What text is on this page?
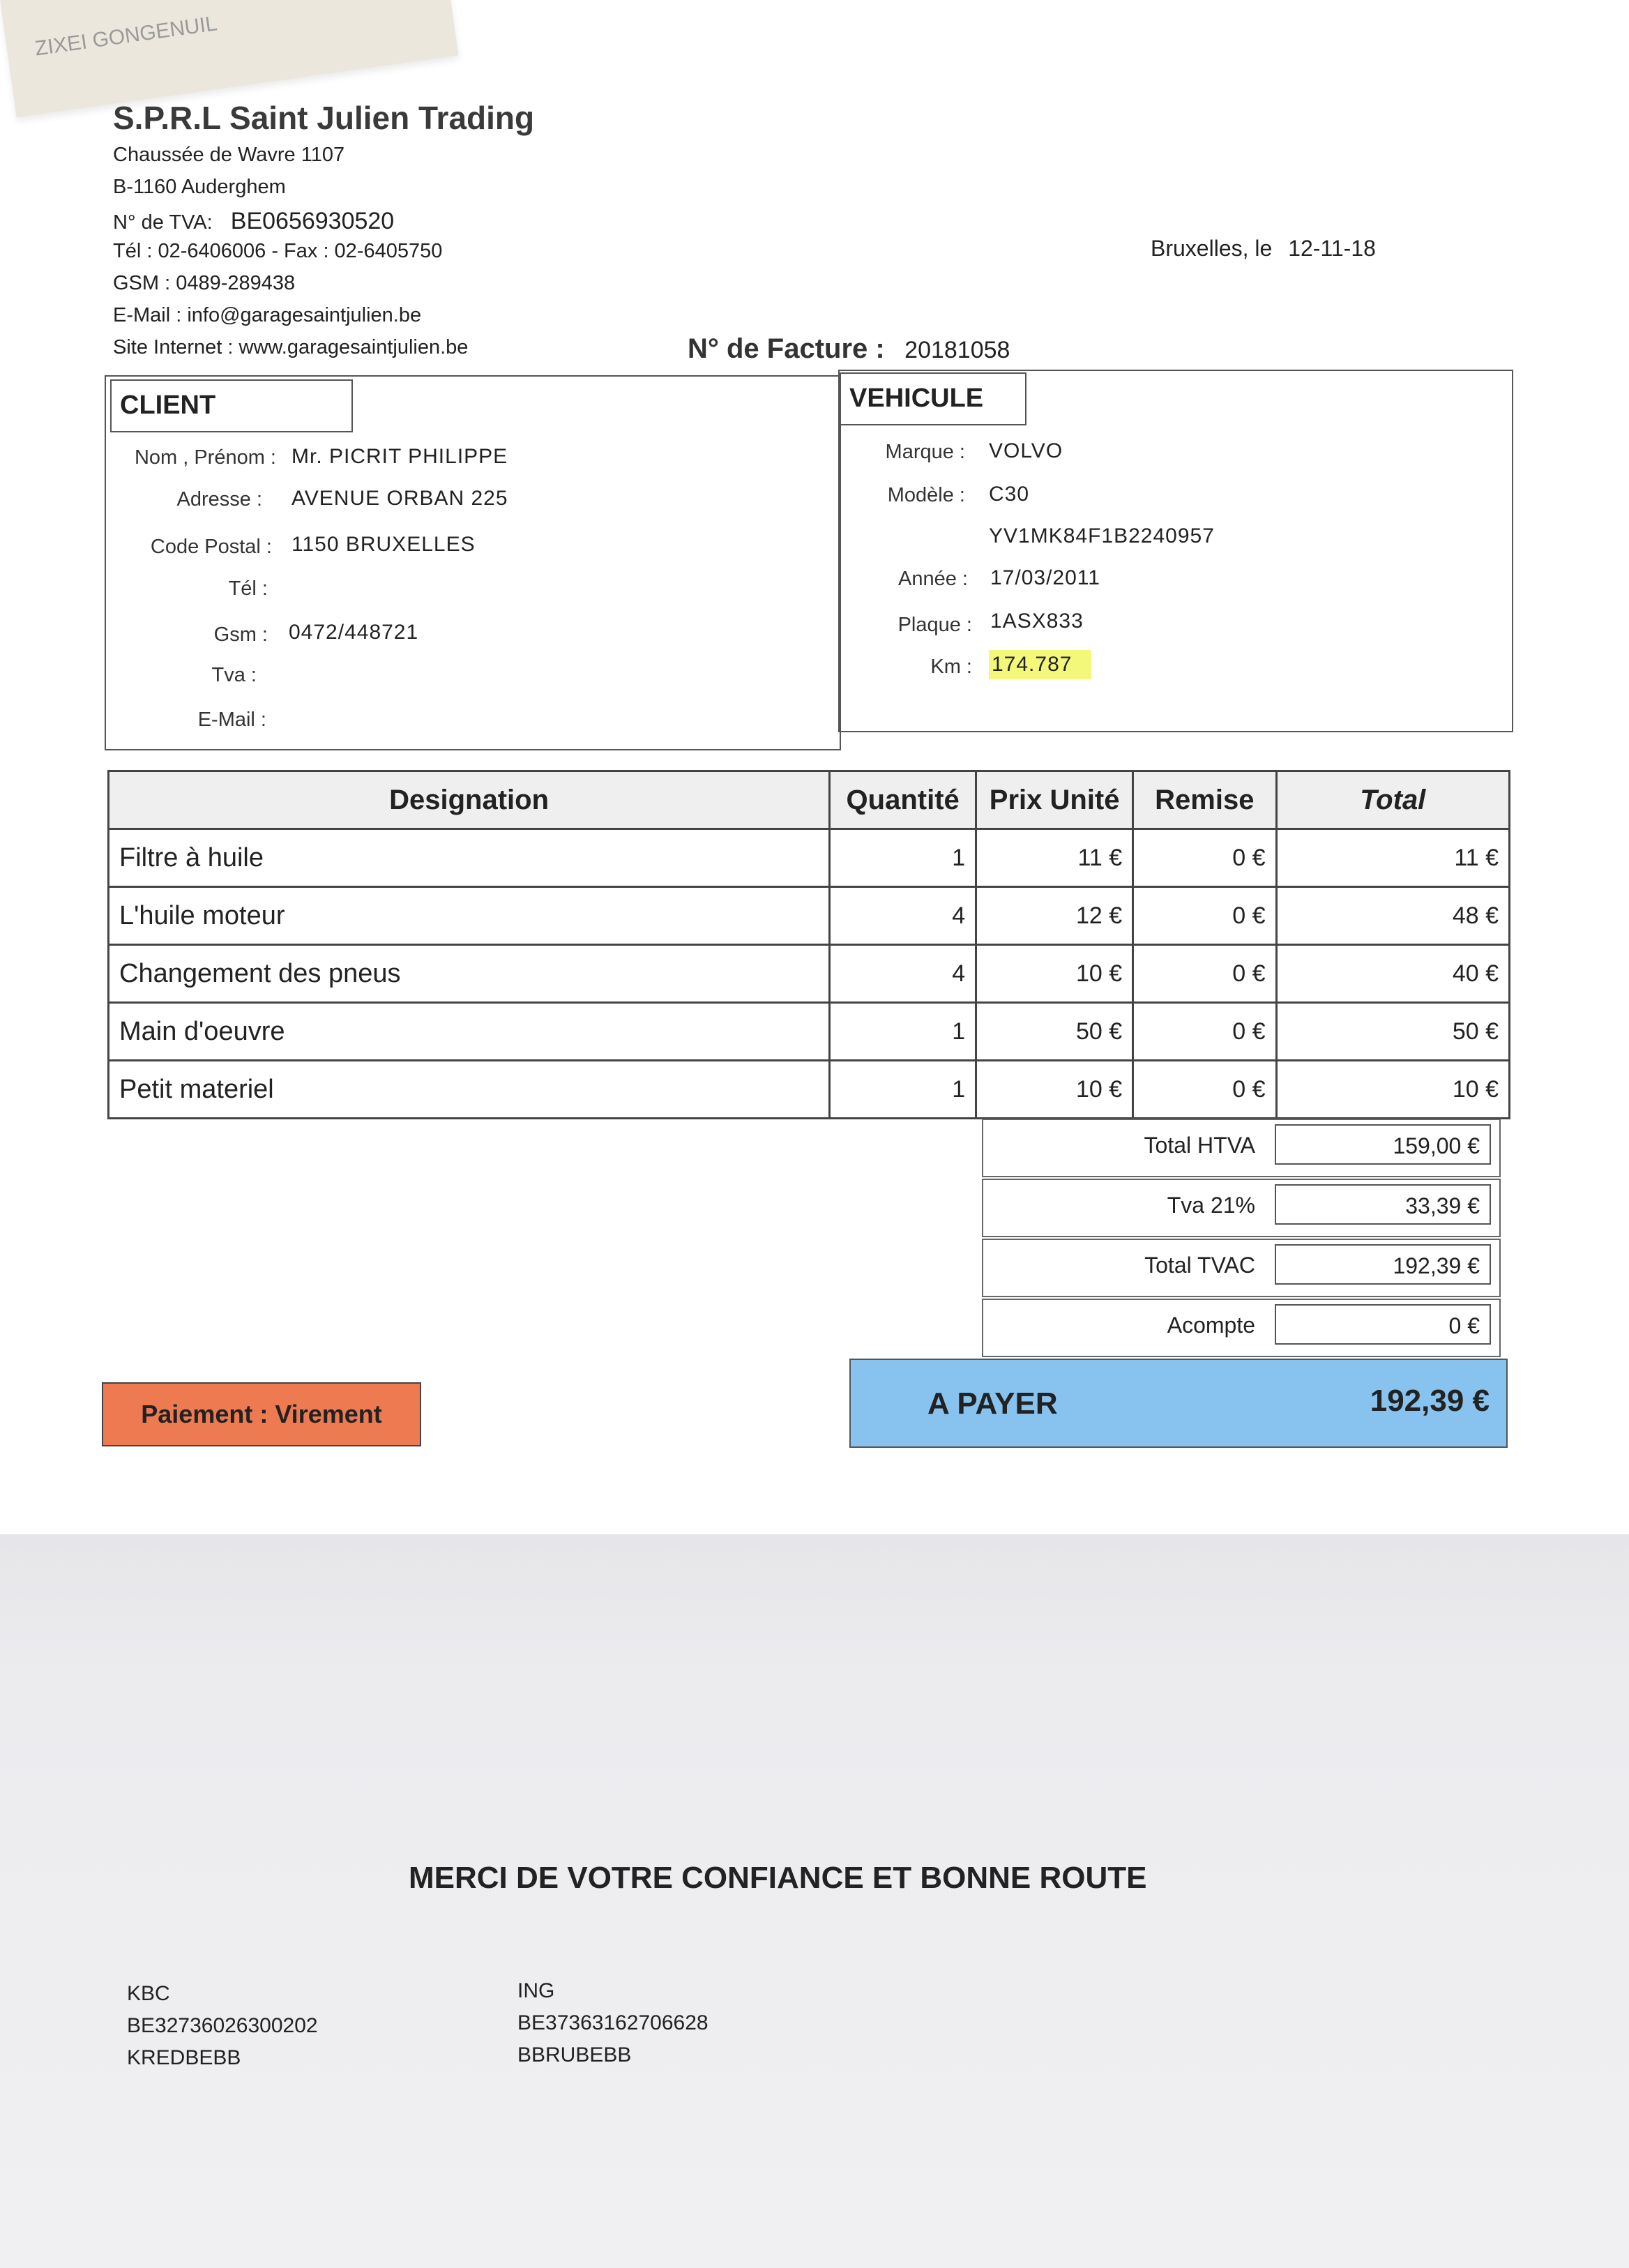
ZIXEI GONGENUIL
S.P.R.L Saint Julien Trading
Chaussée de Wavre 1107
B-1160 Auderghem
N° de TVA: BE0656930520
Tél : 02-6406006 - Fax : 02-6405750
GSM : 0489-289438
E-Mail : info@garagesaintjulien.be
Site Internet : www.garagesaintjulien.be
Bruxelles, le 12-11-18
N° de Facture : 20181058
CLIENT
Nom , Prénom : Mr. PICRIT PHILIPPE
Adresse : AVENUE ORBAN 225
Code Postal : 1150 BRUXELLES
Tél :
Gsm : 0472/448721
Tva :
E-Mail :
VEHICULE
Marque : VOLVO
Modèle : C30
YV1MK84F1B2240957
Année : 17/03/2011
Plaque : 1ASX833
Km : 174.787
Designation	Quantité	Prix Unité	Remise	Total
Filtre à huile	1	11 €	0 €	11 €
L'huile moteur	4	12 €	0 €	48 €
Changement des pneus	4	10 €	0 €	40 €
Main d'oeuvre	1	50 €	0 €	50 €
Petit materiel	1	10 €	0 €	10 €
Total HTVA	159,00 €
Tva 21%	33,39 €
Total TVAC	192,39 €
Acompte	0 €
Paiement : Virement	A PAYER	192,39 €
MERCI DE VOTRE CONFIANCE ET BONNE ROUTE
KBC
BE32736026300202
KREDBEBB
ING
BE37363162706628
BBRUBEBB
